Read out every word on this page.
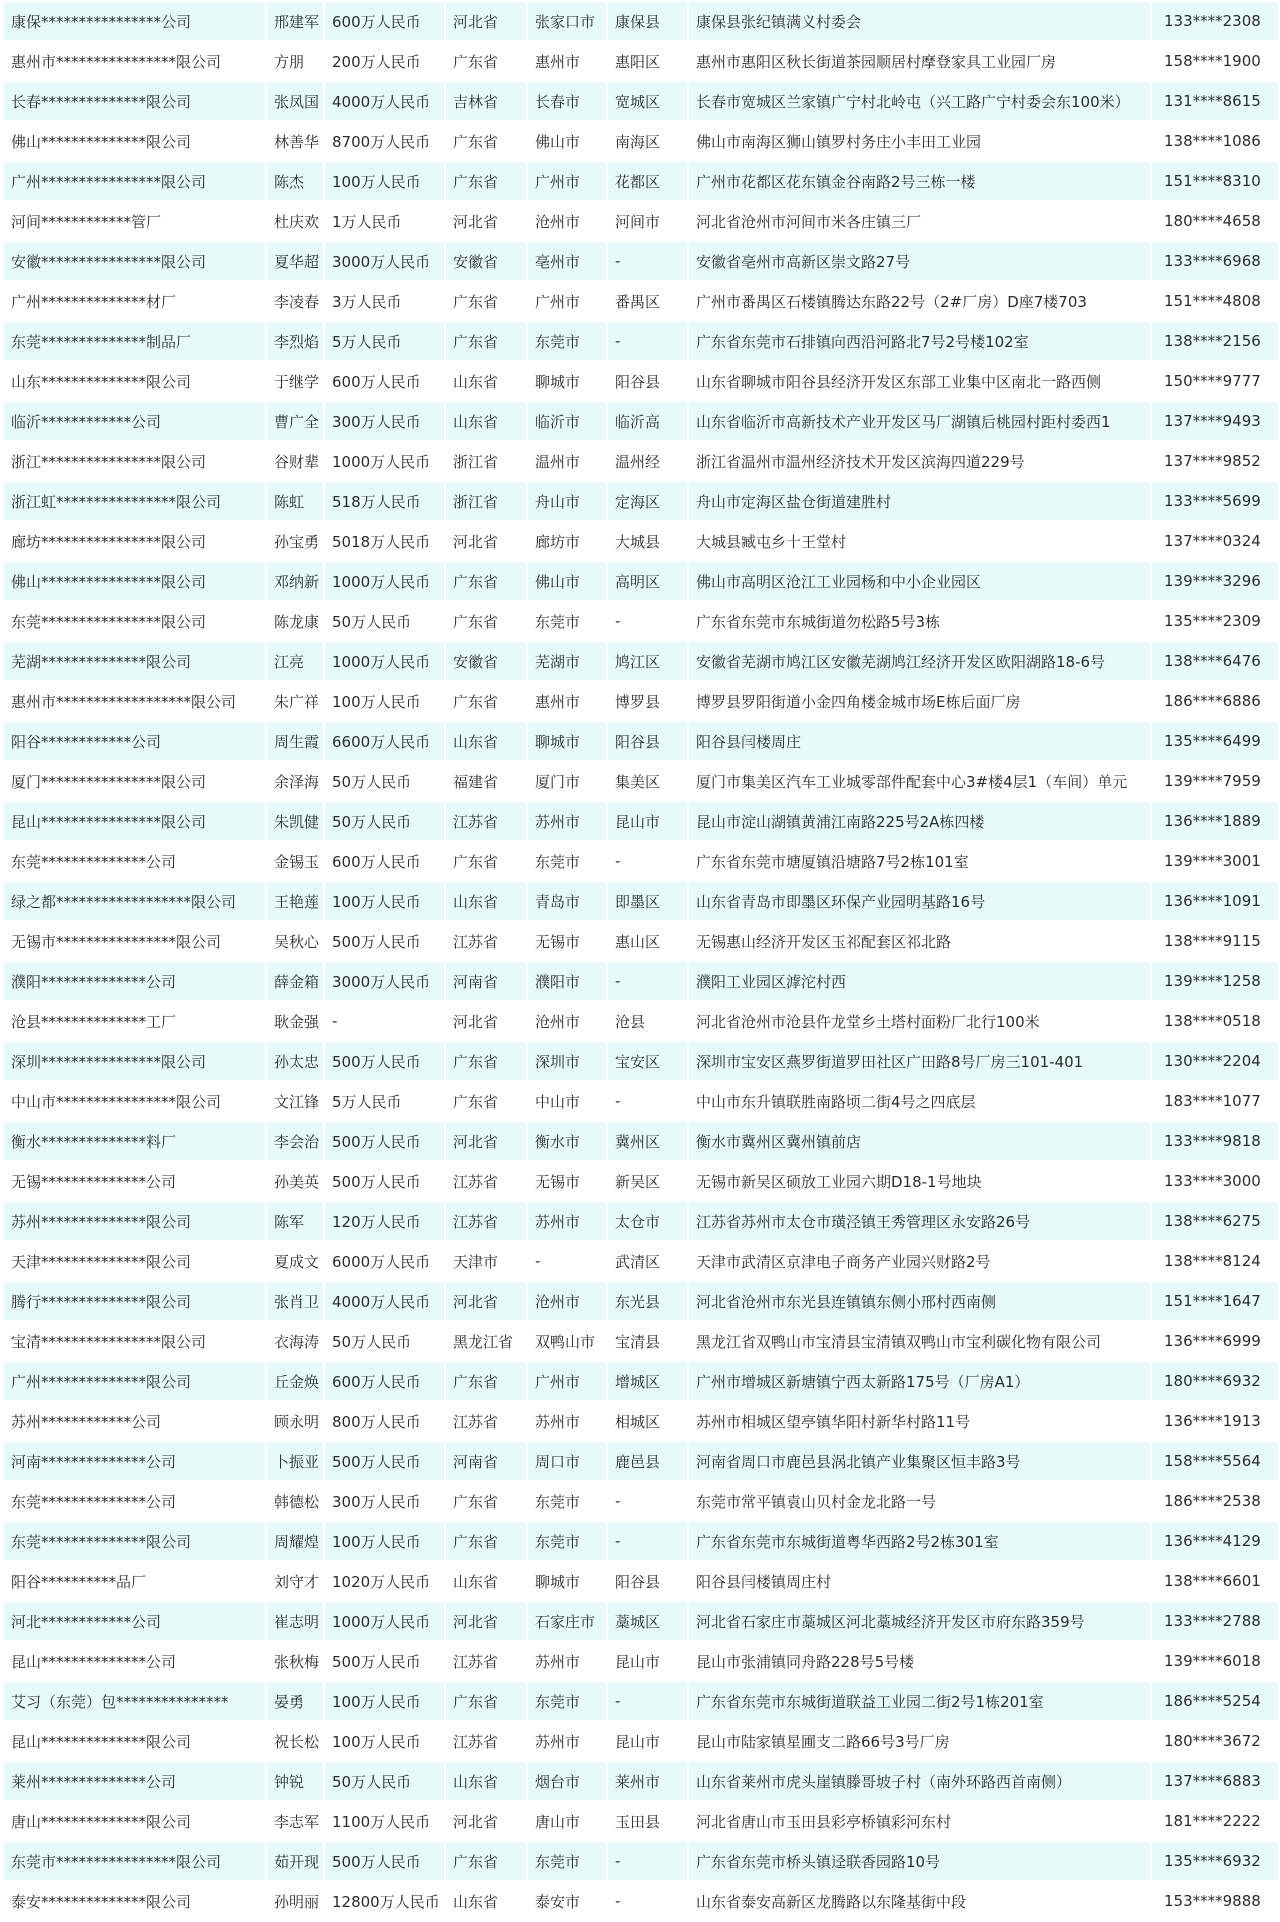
康保****************公司	邢建军	600万人民币	河北省	张家口市	康保县	康保县张纪镇满义村委会	133****2308
惠州市****************限公司	方朋	200万人民币	广东省	惠州市	惠阳区	惠州市惠阳区秋长街道茶园顺居村摩登家具工业园厂房	158****1900
长春**************限公司	张凤国	4000万人民币	吉林省	长春市	宽城区	长春市宽城区兰家镇广宁村北岭屯（兴工路广宁村委会东100米）	131****8615
佛山**************限公司	林善华	8700万人民币	广东省	佛山市	南海区	佛山市南海区狮山镇罗村务庄小丰田工业园	138****1086
广州****************限公司	陈杰	100万人民币	广东省	广州市	花都区	广州市花都区花东镇金谷南路2号三栋一楼	151****8310
河间************管厂	杜庆欢	1万人民币	河北省	沧州市	河间市	河北省沧州市河间市米各庄镇三厂	180****4658
安徽****************限公司	夏华超	3000万人民币	安徽省	亳州市	-	安徽省亳州市高新区崇文路27号	133****6968
广州**************材厂	李凌春	3万人民币	广东省	广州市	番禺区	广州市番禺区石楼镇腾达东路22号（2#厂房）D座7楼703	151****4808
东莞**************制品厂	李烈焰	5万人民币	广东省	东莞市	-	广东省东莞市石排镇向西沿河路北7号2号楼102室	138****2156
山东**************限公司	于继学	600万人民币	山东省	聊城市	阳谷县	山东省聊城市阳谷县经济开发区东部工业集中区南北一路西侧	150****9777
临沂************公司	曹广全	300万人民币	山东省	临沂市	临沂高	山东省临沂市高新技术产业开发区马厂湖镇后桃园村距村委西1	137****9493
浙江****************限公司	谷财辈	1000万人民币	浙江省	温州市	温州经	浙江省温州市温州经济技术开发区滨海四道229号	137****9852
浙江虹****************限公司	陈虹	518万人民币	浙江省	舟山市	定海区	舟山市定海区盐仓街道建胜村	133****5699
廊坊****************限公司	孙宝勇	5018万人民币	河北省	廊坊市	大城县	大城县臧屯乡十王堂村	137****0324
佛山****************限公司	邓纳新	1000万人民币	广东省	佛山市	高明区	佛山市高明区沧江工业园杨和中小企业园区	139****3296
东莞****************限公司	陈龙康	50万人民币	广东省	东莞市	-	广东省东莞市东城街道勿松路5号3栋	135****2309
芜湖**************限公司	江亮	1000万人民币	安徽省	芜湖市	鸠江区	安徽省芜湖市鸠江区安徽芜湖鸠江经济开发区欧阳湖路18-6号	138****6476
惠州市******************限公司	朱广祥	100万人民币	广东省	惠州市	博罗县	博罗县罗阳街道小金四角楼金城市场E栋后面厂房	186****6886
阳谷************公司	周生霞	6600万人民币	山东省	聊城市	阳谷县	阳谷县闫楼周庄	135****6499
厦门****************限公司	余泽海	50万人民币	福建省	厦门市	集美区	厦门市集美区汽车工业城零部件配套中心3#楼4层1（车间）单元	139****7959
昆山****************限公司	朱凯健	50万人民币	江苏省	苏州市	昆山市	昆山市淀山湖镇黄浦江南路225号2A栋四楼	136****1889
东莞**************公司	金锡玉	600万人民币	广东省	东莞市	-	广东省东莞市塘厦镇沿塘路7号2栋101室	139****3001
绿之都******************限公司	王艳莲	100万人民币	山东省	青岛市	即墨区	山东省青岛市即墨区环保产业园明基路16号	136****1091
无锡市****************限公司	吴秋心	500万人民币	江苏省	无锡市	惠山区	无锡惠山经济开发区玉祁配套区祁北路	138****9115
濮阳**************公司	薛金箱	3000万人民币	河南省	濮阳市	-	濮阳工业园区滹沱村西	139****1258
沧县**************工厂	耿金强	-	河北省	沧州市	沧县	河北省沧州市沧县仵龙堂乡土塔村面粉厂北行100米	138****0518
深圳****************限公司	孙太忠	500万人民币	广东省	深圳市	宝安区	深圳市宝安区燕罗街道罗田社区广田路8号厂房三101-401	130****2204
中山市****************限公司	文江锋	5万人民币	广东省	中山市	-	中山市东升镇联胜南路顷二街4号之四底层	183****1077
衡水**************料厂	李会治	500万人民币	河北省	衡水市	冀州区	衡水市冀州区冀州镇前店	133****9818
无锡**************公司	孙美英	500万人民币	江苏省	无锡市	新吴区	无锡市新吴区硕放工业园六期D18-1号地块	133****3000
苏州**************限公司	陈军	120万人民币	江苏省	苏州市	太仓市	江苏省苏州市太仓市璜泾镇王秀管理区永安路26号	138****6275
天津**************限公司	夏成文	6000万人民币	天津市	-	武清区	天津市武清区京津电子商务产业园兴财路2号	138****8124
腾行**************限公司	张肖卫	4000万人民币	河北省	沧州市	东光县	河北省沧州市东光县连镇镇东侧小邢村西南侧	151****1647
宝清****************限公司	衣海涛	50万人民币	黑龙江省	双鸭山市	宝清县	黑龙江省双鸭山市宝清县宝清镇双鸭山市宝利碳化物有限公司	136****6999
广州**************限公司	丘金焕	600万人民币	广东省	广州市	增城区	广州市增城区新塘镇宁西太新路175号（厂房A1）	180****6932
苏州************公司	顾永明	800万人民币	江苏省	苏州市	相城区	苏州市相城区望亭镇华阳村新华村路11号	136****1913
河南**************公司	卜振亚	500万人民币	河南省	周口市	鹿邑县	河南省周口市鹿邑县涡北镇产业集聚区恒丰路3号	158****5564
东莞**************公司	韩德松	300万人民币	广东省	东莞市	-	东莞市常平镇袁山贝村金龙北路一号	186****2538
东莞**************限公司	周耀煌	100万人民币	广东省	东莞市	-	广东省东莞市东城街道粤华西路2号2栋301室	136****4129
阳谷**********品厂	刘守才	1020万人民币	山东省	聊城市	阳谷县	阳谷县闫楼镇周庄村	138****6601
河北************公司	崔志明	1000万人民币	河北省	石家庄市	藁城区	河北省石家庄市藁城区河北藁城经济开发区市府东路359号	133****2788
昆山**************公司	张秋梅	500万人民币	江苏省	苏州市	昆山市	昆山市张浦镇同舟路228号5号楼	139****6018
艾习（东莞）包***************	晏勇	100万人民币	广东省	东莞市	-	广东省东莞市东城街道联益工业园二街2号1栋201室	186****5254
昆山**************限公司	祝长松	100万人民币	江苏省	苏州市	昆山市	昆山市陆家镇星圃支二路66号3号厂房	180****3672
莱州**************公司	钟锐	50万人民币	山东省	烟台市	莱州市	山东省莱州市虎头崖镇滕哥坡子村（南外环路西首南侧）	137****6883
唐山**************限公司	李志军	1100万人民币	河北省	唐山市	玉田县	河北省唐山市玉田县彩亭桥镇彩河东村	181****2222
东莞市****************限公司	茹开现	500万人民币	广东省	东莞市	-	广东省东莞市桥头镇迳联香园路10号	135****6932
泰安**************限公司	孙明丽	12800万人民币	山东省	泰安市	-	山东省泰安高新区龙腾路以东隆基街中段	153****9888
